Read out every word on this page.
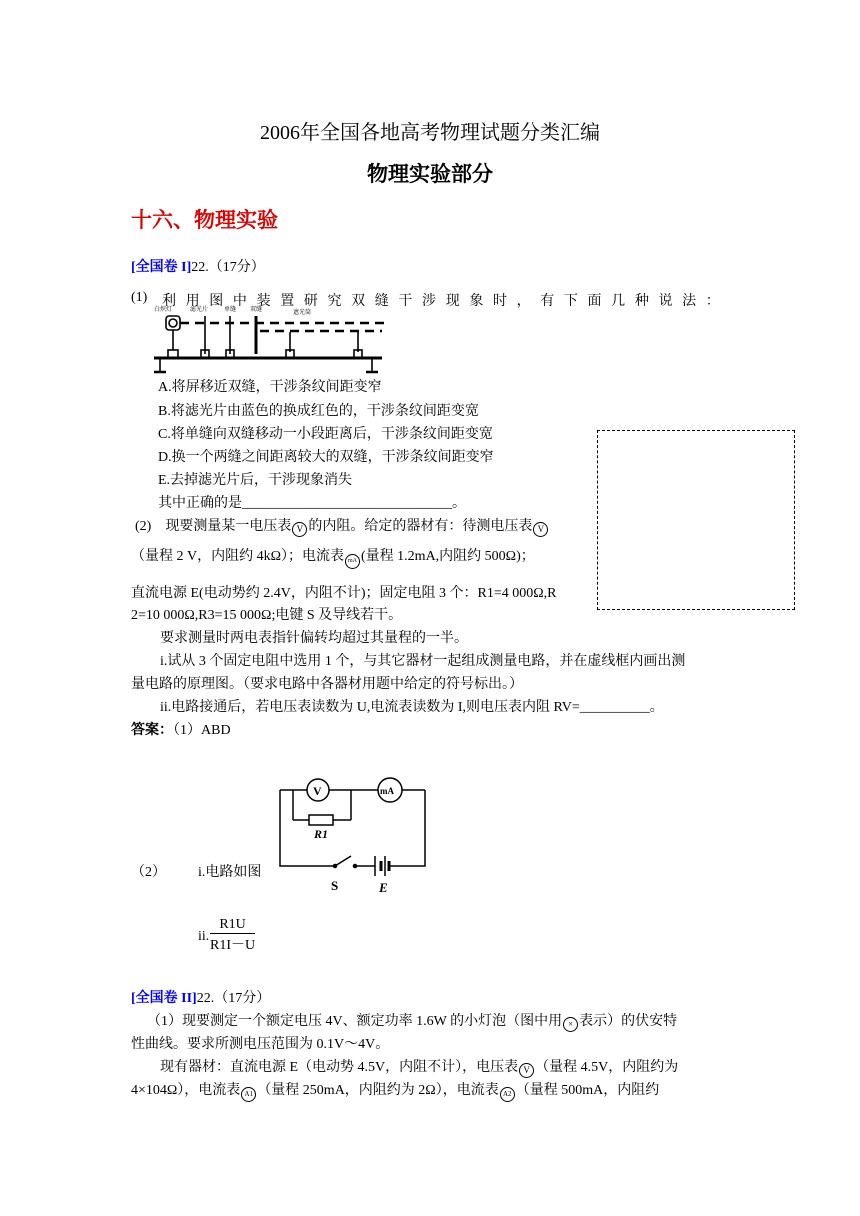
2006年全国各地高考物理试题分类汇编
物理实验部分
十六、物理实验
[全国卷 I]22.（17分）
(1) 利 用 图 中 装 置 研 究 双 缝 干 涉 现 象 时 ， 有 下 面 几 种 说 法 ：
白炽灯	滤光片	单缝 双缝	遮光筒
A.将屏移近双缝，干涉条纹间距变窄
B.将滤光片由蓝色的换成红色的，干涉条纹间距变宽
C.将单缝向双缝移动一小段距离后，干涉条纹间距变宽
D.换一个两缝之间距离较大的双缝，干涉条纹间距变窄
E.去掉滤光片后，干涉现象消失
其中正确的是______________________________。
(2)　现要测量某一电压表 V 的内阻。给定的器材有：待测电压表 V
（量程 2 V，内阻约 4kΩ）；电流表 mA (量程 1.2mA,内阻约 500Ω)；
直流电源 E(电动势约 2.4V，内阻不计)；固定电阻 3 个：R1=4 000Ω,R
2=10 000Ω,R3=15 000Ω;电键 S 及导线若干。
要求测量时两电表指针偏转均超过其量程的一半。
i.试从 3 个固定电阻中选用 1 个，与其它器材一起组成测量电路，并在虚线框内画出测
量电路的原理图。（要求电路中各器材用题中给定的符号标出。）
ii.电路接通后，若电压表读数为 U,电流表读数为 I,则电压表内阻 RV=__________。
答案：（1）ABD
V	mA
R1
S	E
（2） i.电路如图
ii. $\frac{R1U}{R1I-U}$
[全国卷 II]22.（17分）
（1）现要测定一个额定电压 4V、额定功率 1.6W 的小灯泡（图中用 × 表示）的伏安特
性曲线。要求所测电压范围为 0.1V～4V。
现有器材：直流电源 E（电动势 4.5V，内阻不计），电压表 V （量程 4.5V，内阻约为
4×104Ω），电流表 A1 （量程 250mA，内阻约为 2Ω），电流表 A2 （量程 500mA，内阻约
